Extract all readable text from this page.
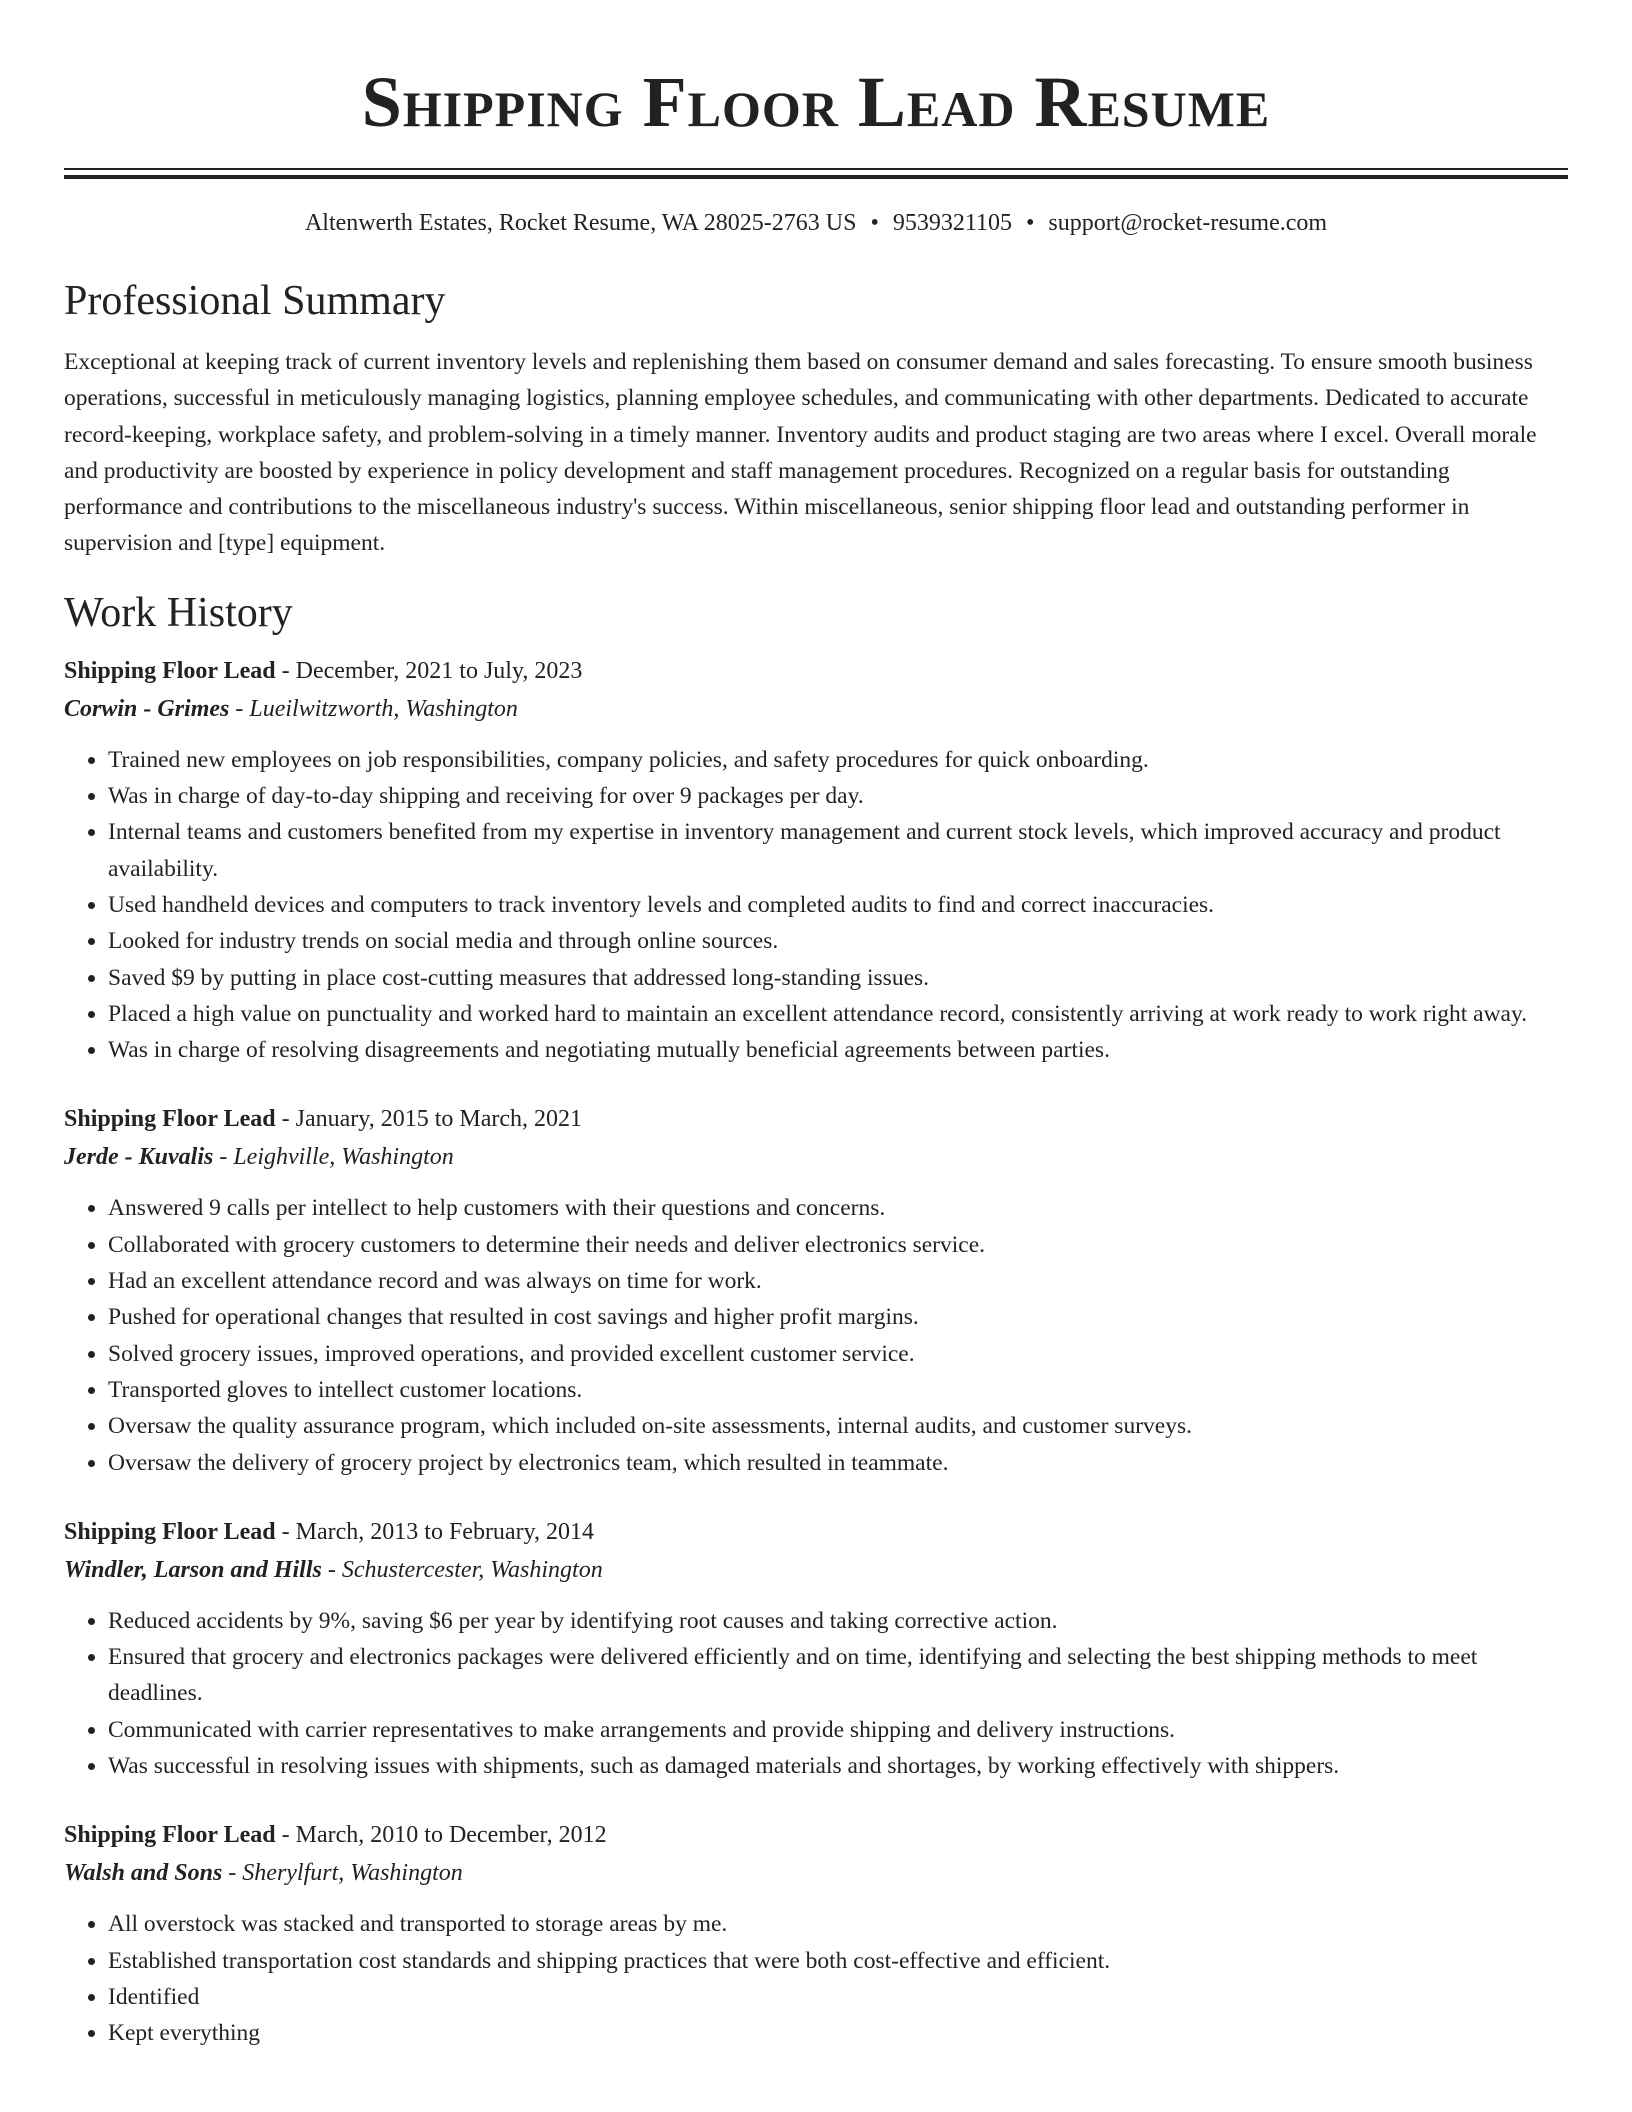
Shipping Floor Lead Resume
Altenwerth Estates, Rocket Resume, WA 28025-2763 US • 9539321105 • support@rocket-resume.com
Professional Summary

Exceptional at keeping track of current inventory levels and replenishing them based on consumer demand and sales forecasting. To ensure smooth business operations, successful in meticulously managing logistics, planning employee schedules, and communicating with other departments. Dedicated to accurate record-keeping, workplace safety, and problem-solving in a timely manner. Inventory audits and product staging are two areas where I excel. Overall morale and productivity are boosted by experience in policy development and staff management procedures. Recognized on a regular basis for outstanding performance and contributions to the miscellaneous industry's success. Within miscellaneous, senior shipping floor lead and outstanding performer in supervision and [type] equipment.

Work History
Shipping Floor Lead - December, 2021 to July, 2023
Corwin - Grimes - Lueilwitzworth, Washington
• Trained new employees on job responsibilities, company policies, and safety procedures for quick onboarding.
• Was in charge of day-to-day shipping and receiving for over 9 packages per day.
• Internal teams and customers benefited from my expertise in inventory management and current stock levels, which improved accuracy and product availability.
• Used handheld devices and computers to track inventory levels and completed audits to find and correct inaccuracies.
• Looked for industry trends on social media and through online sources.
• Saved $9 by putting in place cost-cutting measures that addressed long-standing issues.
• Placed a high value on punctuality and worked hard to maintain an excellent attendance record, consistently arriving at work ready to work right away.
• Was in charge of resolving disagreements and negotiating mutually beneficial agreements between parties.
Shipping Floor Lead - January, 2015 to March, 2021
Jerde - Kuvalis - Leighville, Washington
• Answered 9 calls per intellect to help customers with their questions and concerns.
• Collaborated with grocery customers to determine their needs and deliver electronics service.
• Had an excellent attendance record and was always on time for work.
• Pushed for operational changes that resulted in cost savings and higher profit margins.
• Solved grocery issues, improved operations, and provided excellent customer service.
• Transported gloves to intellect customer locations.
• Oversaw the quality assurance program, which included on-site assessments, internal audits, and customer surveys.
• Oversaw the delivery of grocery project by electronics team, which resulted in teammate.
Shipping Floor Lead - March, 2013 to February, 2014
Windler, Larson and Hills - Schustercester, Washington
• Reduced accidents by 9%, saving $6 per year by identifying root causes and taking corrective action.
• Ensured that grocery and electronics packages were delivered efficiently and on time, identifying and selecting the best shipping methods to meet deadlines.
• Communicated with carrier representatives to make arrangements and provide shipping and delivery instructions.
• Was successful in resolving issues with shipments, such as damaged materials and shortages, by working effectively with shippers.
Shipping Floor Lead - March, 2010 to December, 2012
Walsh and Sons - Sherylfurt, Washington
• All overstock was stacked and transported to storage areas by me.
• Established transportation cost standards and shipping practices that were both cost-effective and efficient.
• Identified
• Kept everything
